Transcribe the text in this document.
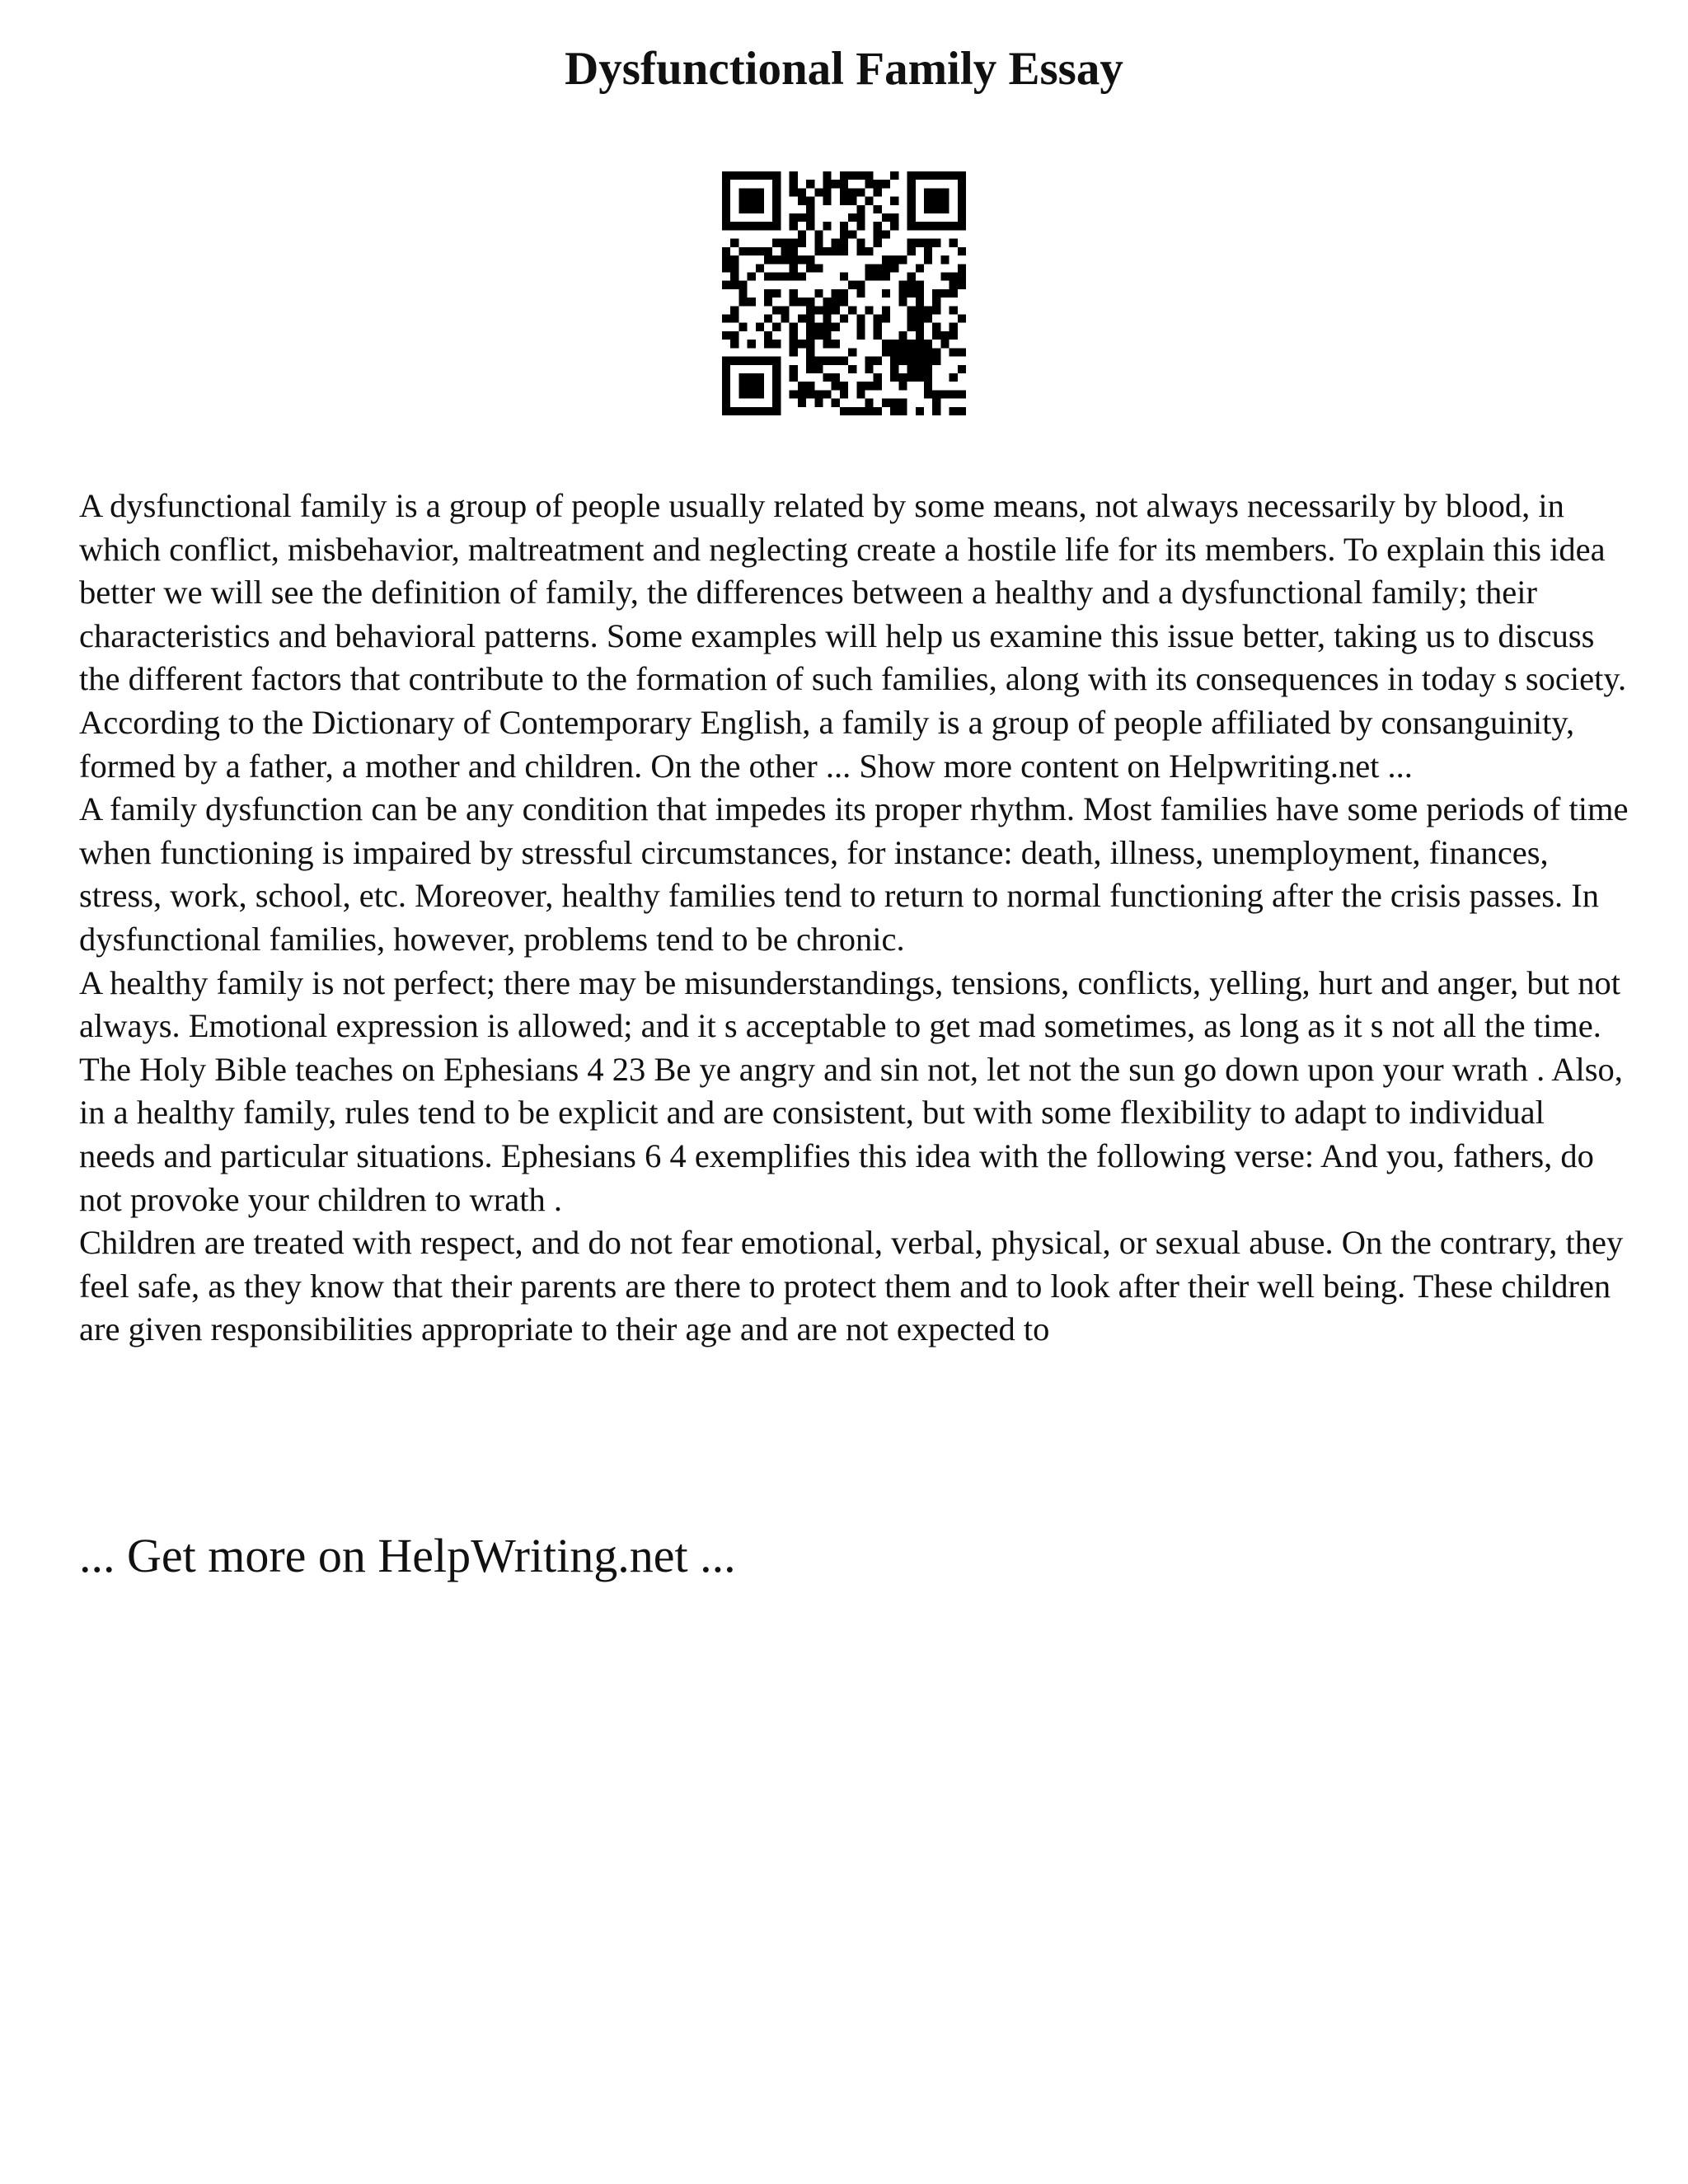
Dysfunctional Family Essay

A dysfunctional family is a group of people usually related by some means, not always necessarily by blood, in which conflict, misbehavior, maltreatment and neglecting create a hostile life for its members. To explain this idea better we will see the definition of family, the differences between a healthy and a dysfunctional family; their characteristics and behavioral patterns. Some examples will help us examine this issue better, taking us to discuss the different factors that contribute to the formation of such families, along with its consequences in today s society.

According to the Dictionary of Contemporary English, a family is a group of people affiliated by consanguinity, formed by a father, a mother and children. On the other ... Show more content on Helpwriting.net ...

A family dysfunction can be any condition that impedes its proper rhythm. Most families have some periods of time when functioning is impaired by stressful circumstances, for instance: death, illness, unemployment, finances, stress, work, school, etc. Moreover, healthy families tend to return to normal functioning after the crisis passes. In dysfunctional families, however, problems tend to be chronic.

A healthy family is not perfect; there may be misunderstandings, tensions, conflicts, yelling, hurt and anger, but not always. Emotional expression is allowed; and it s acceptable to get mad sometimes, as long as it s not all the time. The Holy Bible teaches on Ephesians 4 23 Be ye angry and sin not, let not the sun go down upon your wrath . Also, in a healthy family, rules tend to be explicit and are consistent, but with some flexibility to adapt to individual needs and particular situations. Ephesians 6 4 exemplifies this idea with the following verse: And you, fathers, do not provoke your children to wrath .

Children are treated with respect, and do not fear emotional, verbal, physical, or sexual abuse. On the contrary, they feel safe, as they know that their parents are there to protect them and to look after their well being. These children are given responsibilities appropriate to their age and are not expected to

... Get more on HelpWriting.net ...
